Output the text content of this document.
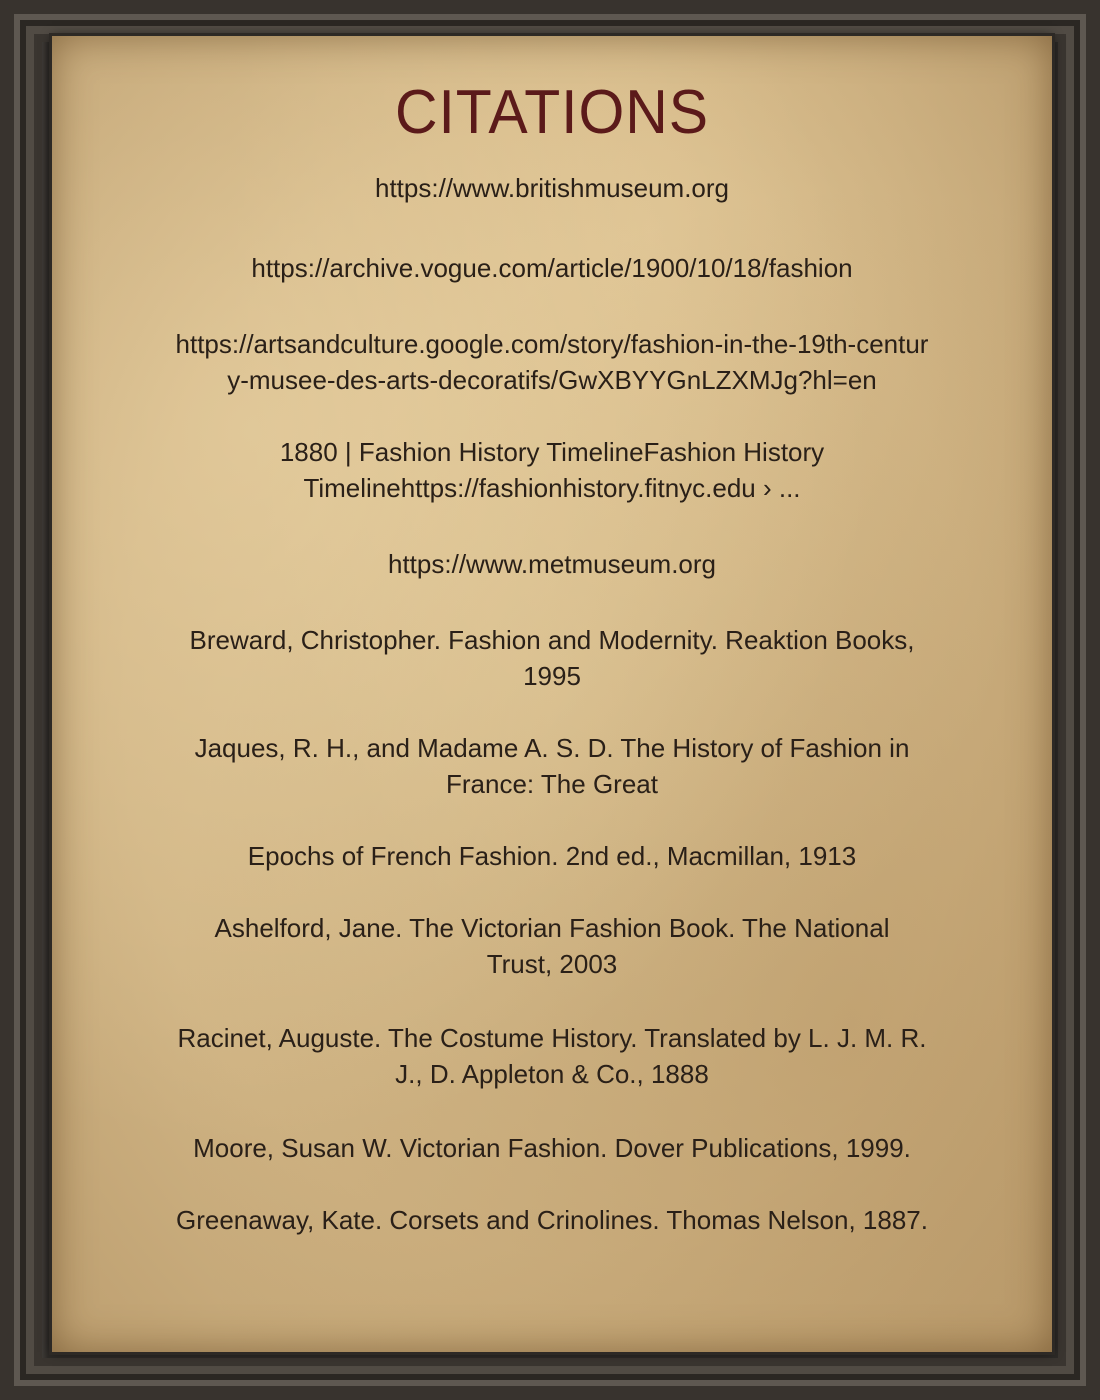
CITATIONS
https://www.britishmuseum.org
https://archive.vogue.com/article/1900/10/18/fashion
https://artsandculture.google.com/story/fashion-in-the-19th-centur
y-musee-des-arts-decoratifs/GwXBYYGnLZXMJg?hl=en
1880 | Fashion History TimelineFashion History
Timelinehttps://fashionhistory.fitnyc.edu › ...
https://www.metmuseum.org
Breward, Christopher. Fashion and Modernity. Reaktion Books,
1995
Jaques, R. H., and Madame A. S. D. The History of Fashion in
France: The Great
Epochs of French Fashion. 2nd ed., Macmillan, 1913
Ashelford, Jane. The Victorian Fashion Book. The National
Trust, 2003
Racinet, Auguste. The Costume History. Translated by L. J. M. R.
J., D. Appleton & Co., 1888
Moore, Susan W. Victorian Fashion. Dover Publications, 1999.
Greenaway, Kate. Corsets and Crinolines. Thomas Nelson, 1887.
